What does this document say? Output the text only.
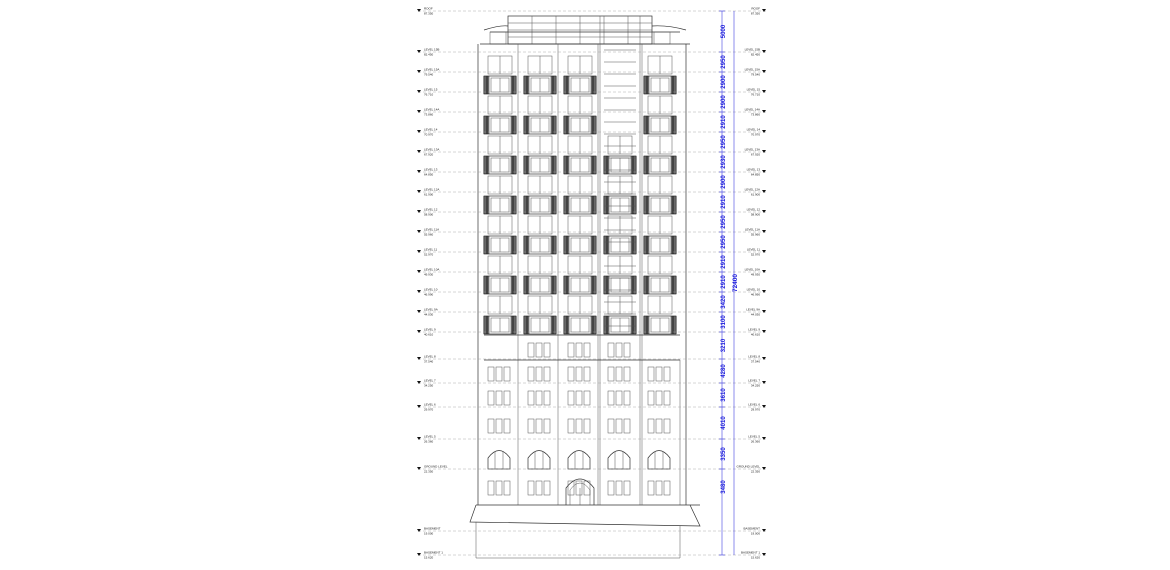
ROOF
87.350
ROOF
87.350
LEVEL 15B
82.450
LEVEL 15B
82.450
LEVEL 15A
79.540
LEVEL 15A
79.540
LEVEL 15
76.710
LEVEL 15
76.710
LEVEL 14A
73.860
LEVEL 14A
73.860
LEVEL 14
70.970
LEVEL 14
70.970
LEVEL 13A
67.920
LEVEL 13A
67.920
LEVEL 13
64.850
LEVEL 13
64.850
LEVEL 12A
61.900
LEVEL 12A
61.900
LEVEL 12
58.900
LEVEL 12
58.900
LEVEL 11A
55.960
LEVEL 11A
55.960
LEVEL 11
52.970
LEVEL 11
52.970
LEVEL 10A
49.930
LEVEL 10A
49.930
LEVEL 10
46.990
LEVEL 10
46.990
LEVEL 9A
44.030
LEVEL 9A
44.030
LEVEL 9
40.610
LEVEL 9
40.610
LEVEL 8
37.540
LEVEL 8
37.540
LEVEL 7
34.250
LEVEL 7
34.250
LEVEL 6
29.970
LEVEL 6
29.970
LEVEL 5
26.360
LEVEL 5
26.360
GROUND LEVEL
22.350
GROUND LEVEL
22.350
BASEMENT
19.000
BASEMENT
19.000
BASEMENT 1
15.620
BASEMENT 1
15.620
5000
2950
2900
2900
2910
2950
2930
2900
2910
2950
2950
2910
2910
3420
3100
3210
4280
3610
4010
3350
3480
72400
